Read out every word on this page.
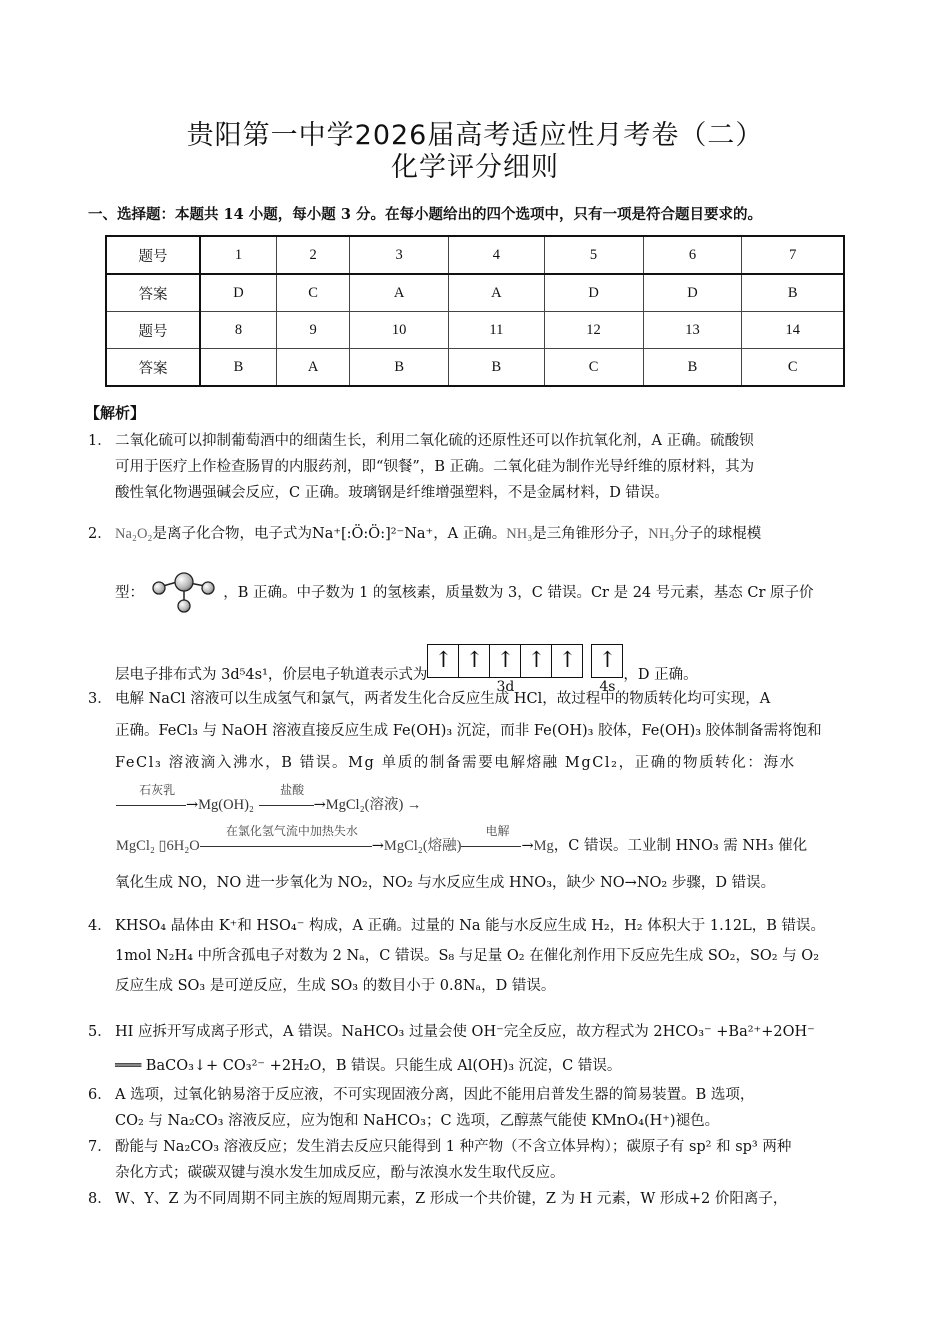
贵阳第一中学2026届高考适应性月考卷（二）
化学评分细则
一、选择题：本题共 14 小题，每小题 3 分。在每小题给出的四个选项中，只有一项是符合题目要求的。
题号	1	2	3	4	5	6	7
答案	D	C	A	A	D	D	B
题号	8	9	10	11	12	13	14
答案	B	A	B	B	C	B	C
【解析】
1． 二氧化硫可以抑制葡萄酒中的细菌生长，利用二氧化硫的还原性还可以作抗氧化剂，A 正确。硫酸钡
可用于医疗上作检查肠胃的内服药剂，即“钡餐”，B 正确。二氧化硅为制作光导纤维的原材料，其为
酸性氧化物遇强碱会反应，C 正确。玻璃钢是纤维增强塑料，不是金属材料，D 错误。
2． Na₂O₂是离子化合物，电子式为Na⁺[:Ö:Ö:]²⁻Na⁺，A 正确。NH₃是三角锥形分子，NH₃分子的球棍模
型：	，B 正确。中子数为 1 的氢核素，质量数为 3，C 错误。Cr 是 24 号元素，基态 Cr 原子价
层电子排布式为 3d⁵4s¹，价层电子轨道表示式为
↑ ↑ ↑ ↑ ↑
3d
↑
4s
，D 正确。
3． 电解 NaCl 溶液可以生成氢气和氯气，两者发生化合反应生成 HCl，故过程中的物质转化均可实现，A
正确。FeCl₃ 与 NaOH 溶液直接反应生成 Fe(OH)₃ 沉淀，而非 Fe(OH)₃ 胶体，Fe(OH)₃ 胶体制备需将饱和
FeCl₃ 溶液滴入沸水，B 错误。Mg 单质的制备需要电解熔融 MgCl₂，正确的物质转化：海水
石灰乳
→Mg(OH)₂
盐酸
→MgCl₂(溶液) →
MgCl₂ ▯6H₂O
在氯化氢气流中加热失水
→MgCl₂(熔融)
电解
→Mg，C 错误。工业制 HNO₃ 需 NH₃ 催化
氧化生成 NO，NO 进一步氧化为 NO₂，NO₂ 与水反应生成 HNO₃，缺少 NO→NO₂ 步骤，D 错误。
4． KHSO₄ 晶体由 K⁺和 HSO₄⁻ 构成，A 正确。过量的 Na 能与水反应生成 H₂，H₂ 体积大于 1.12L，B 错误。
1mol N₂H₄ 中所含孤电子对数为 2 Nₐ，C 错误。S₈ 与足量 O₂ 在催化剂作用下反应先生成 SO₂，SO₂ 与 O₂
反应生成 SO₃ 是可逆反应，生成 SO₃ 的数目小于 0.8Nₐ，D 错误。
5． HI 应拆开写成离子形式，A 错误。NaHCO₃ 过量会使 OH⁻完全反应，故方程式为 2HCO₃⁻ +Ba²⁺+2OH⁻
═══ BaCO₃↓+ CO₃²⁻ +2H₂O，B 错误。只能生成 Al(OH)₃ 沉淀，C 错误。
6． A 选项，过氧化钠易溶于反应液，不可实现固液分离，因此不能用启普发生器的简易装置。B 选项，
CO₂ 与 Na₂CO₃ 溶液反应，应为饱和 NaHCO₃；C 选项，乙醇蒸气能使 KMnO₄(H⁺)褪色。
7． 酚能与 Na₂CO₃ 溶液反应；发生消去反应只能得到 1 种产物（不含立体异构）；碳原子有 sp² 和 sp³ 两种
杂化方式；碳碳双键与溴水发生加成反应，酚与浓溴水发生取代反应。
8． W、Y、Z 为不同周期不同主族的短周期元素，Z 形成一个共价键，Z 为 H 元素，W 形成+2 价阳离子，
